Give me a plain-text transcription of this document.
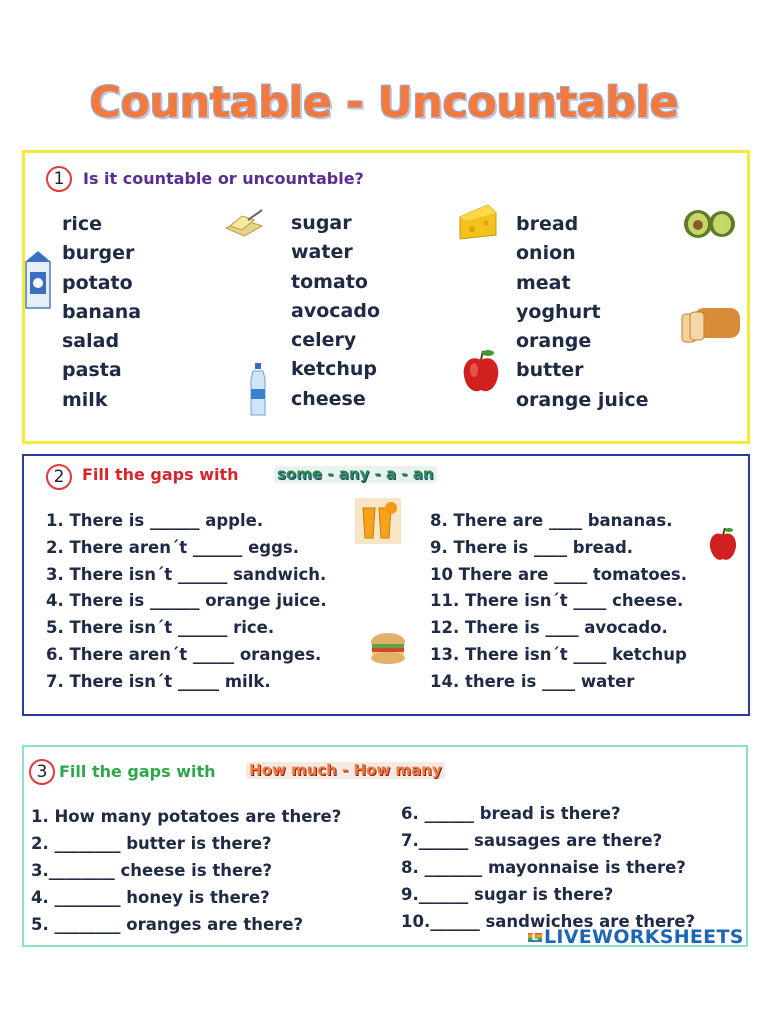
Countable - Uncountable
1	Is it countable or uncountable?
rice
burger
potato
banana
salad
pasta
milk
sugar
water
tomato
avocado
celery
ketchup
cheese
bread
onion
meat
yoghurt
orange
butter
orange juice
2	Fill the gaps with	some - any - a - an
1. There is ______ apple.
2. There aren´t ______ eggs.
3. There isn´t ______ sandwich.
4. There is ______ orange juice.
5. There isn´t ______ rice.
6. There aren´t _____ oranges.
7. There isn´t _____ milk.
8. There are ____ bananas.
9. There is ____ bread.
10 There are ____ tomatoes.
11. There isn´t ____ cheese.
12. There is ____ avocado.
13. There isn´t ____ ketchup
14. there is ____ water
3 Fill the gaps with How much - How many
1. How many potatoes are there?
2. ________ butter is there?
3.________ cheese is there?
4. ________ honey is there?
5. ________ oranges are there?
6. ______ bread is there?
7.______ sausages are there?
8. _______ mayonnaise is there?
9.______ sugar is there?
10.______ sandwiches are there?
L LIVEWORKSHEETS
